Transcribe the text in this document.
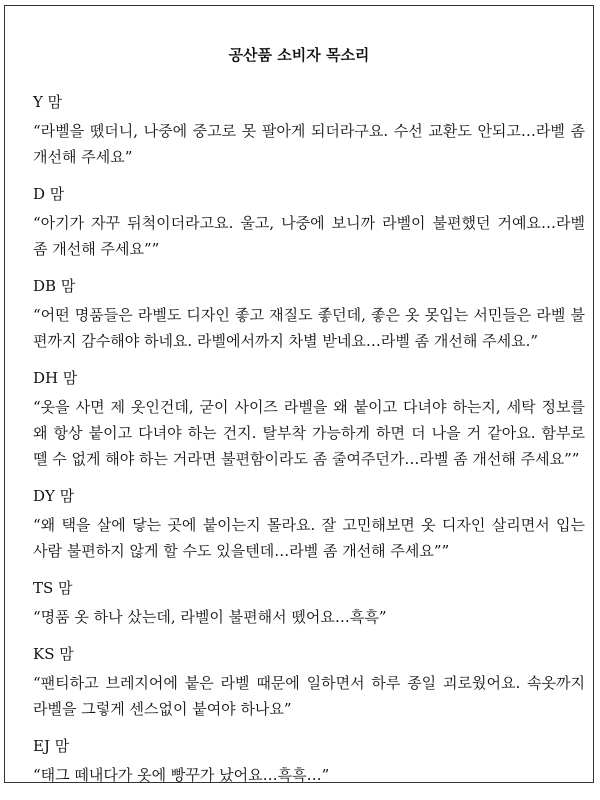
공산품 소비자 목소리
Y 맘
“라벨을 뗐더니, 나중에 중고로 못 팔아게 되더라구요. 수선 교환도 안되고…라벨 좀 개선해 주세요”
D 맘
“아기가 자꾸 뒤척이더라고요. 울고, 나중에 보니까 라벨이 불편했던 거예요…라벨 좀 개선해 주세요””
DB 맘
“어떤 명품들은 라벨도 디자인 좋고 재질도 좋던데, 좋은 옷 못입는 서민들은 라벨 불편까지 감수해야 하네요. 라벨에서까지 차별 받네요…라벨 좀 개선해 주세요.”
DH 맘
“옷을 사면 제 옷인건데, 굳이 사이즈 라벨을 왜 붙이고 다녀야 하는지, 세탁 정보를 왜 항상 붙이고 다녀야 하는 건지. 탈부착 가능하게 하면 더 나을 거 같아요. 함부로 뗄 수 없게 해야 하는 거라면 불편함이라도 좀 줄여주던가…라벨 좀 개선해 주세요””
DY 맘
“왜 택을 살에 닿는 곳에 붙이는지 몰라요. 잘 고민해보면 옷 디자인 살리면서 입는 사람 불편하지 않게 할 수도 있을텐데…라벨 좀 개선해 주세요””
TS 맘
“명품 옷 하나 샀는데, 라벨이 불편해서 뗐어요…흑흑”
KS 맘
“팬티하고 브레지어에 붙은 라벨 때문에 일하면서 하루 종일 괴로웠어요. 속옷까지 라벨을 그렇게 센스없이 붙여야 하나요”
EJ 맘
“태그 떼내다가 옷에 빵꾸가 났어요…흑흑…”
